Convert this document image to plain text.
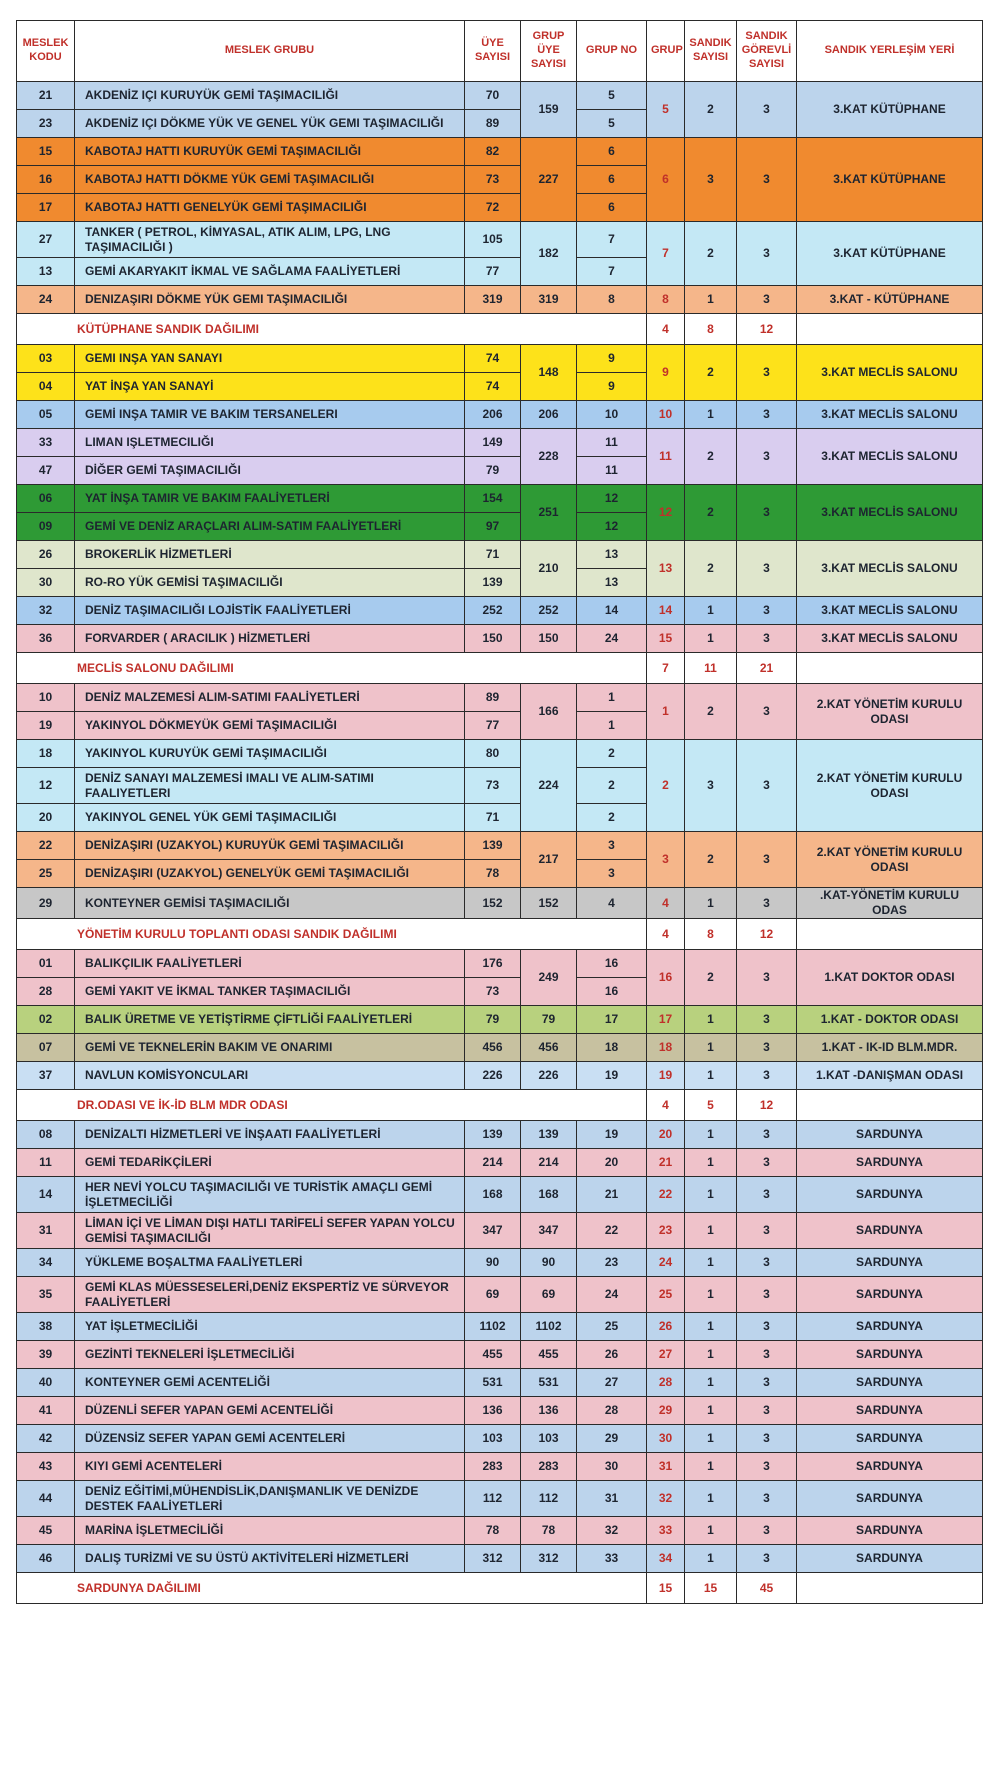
MESLEK KODU	MESLEK GRUBU	ÜYE SAYISI	GRUP ÜYE SAYISI	GRUP NO	GRUP	SANDIK SAYISI	SANDIK GÖREVLİ SAYISI	SANDIK YERLEŞİM YERİ
21	AKDENİZ IÇI KURUYÜK GEMİ TAŞIMACILIĞI	70	159	5	5	2	3	3.KAT KÜTÜPHANE
23	AKDENİZ IÇI DÖKME YÜK VE GENEL YÜK GEMI TAŞIMACILIĞI	89		5				
15	KABOTAJ HATTI KURUYÜK GEMİ TAŞIMACILIĞI	82	227	6	6	3	3	3.KAT KÜTÜPHANE
16	KABOTAJ HATTI DÖKME YÜK GEMİ TAŞIMACILIĞI	73		6				
17	KABOTAJ HATTI GENELYÜK GEMİ TAŞIMACILIĞI	72		6				
27	TANKER ( PETROL, KİMYASAL, ATIK ALIM, LPG, LNG TAŞIMACILIĞI )	105	182	7	7	2	3	3.KAT KÜTÜPHANE
13	GEMİ AKARYAKIT İKMAL VE SAĞLAMA FAALİYETLERİ	77		7				
24	DENIZAŞIRI DÖKME YÜK GEMI TAŞIMACILIĞI	319	319	8	8	1	3	3.KAT - KÜTÜPHANE
KÜTÜPHANE SANDIK DAĞILIMI					4	8	12	
03	GEMI INŞA YAN SANAYI	74	148	9	9	2	3	3.KAT MECLİS SALONU
04	YAT İNŞA YAN SANAYİ	74		9				
05	GEMİ INŞA TAMIR VE BAKIM TERSANELERI	206	206	10	10	1	3	3.KAT MECLİS SALONU
33	LIMAN IŞLETMECILIĞI	149	228	11	11	2	3	3.KAT MECLİS SALONU
47	DİĞER GEMİ TAŞIMACILIĞI	79		11				
06	YAT İNŞA TAMIR VE BAKIM FAALİYETLERİ	154	251	12	12	2	3	3.KAT MECLİS SALONU
09	GEMİ VE DENİZ ARAÇLARI ALIM-SATIM FAALİYETLERİ	97		12				
26	BROKERLİK HİZMETLERİ	71	210	13	13	2	3	3.KAT MECLİS SALONU
30	RO-RO YÜK GEMİSİ TAŞIMACILIĞI	139		13				
32	DENİZ TAŞIMACILIĞI LOJİSTİK FAALİYETLERİ	252	252	14	14	1	3	3.KAT MECLİS SALONU
36	FORVARDER ( ARACILIK ) HİZMETLERİ	150	150	24	15	1	3	3.KAT MECLİS SALONU
MECLİS SALONU DAĞILIMI					7	11	21	
10	DENİZ MALZEMESİ ALIM-SATIMI FAALİYETLERİ	89	166	1	1	2	3	2.KAT YÖNETİM KURULU ODASI
19	YAKINYOL DÖKMEYÜK GEMİ TAŞIMACILIĞI	77		1				
18	YAKINYOL KURUYÜK GEMİ TAŞIMACILIĞI	80	224	2	2	3	3	2.KAT YÖNETİM KURULU ODASI
12	DENİZ SANAYI MALZEMESİ IMALI VE ALIM-SATIMI FAALIYETLERI	73		2				
20	YAKINYOL GENEL YÜK GEMİ TAŞIMACILIĞI	71		2				
22	DENİZAŞIRI (UZAKYOL) KURUYÜK GEMİ TAŞIMACILIĞI	139	217	3	3	2	3	2.KAT YÖNETİM KURULU ODASI
25	DENİZAŞIRI (UZAKYOL) GENELYÜK GEMİ TAŞIMACILIĞI	78		3				
29	KONTEYNER GEMİSİ TAŞIMACILIĞI	152	152	4	4	1	3	.KAT-YÖNETİM KURULU ODAS
YÖNETİM KURULU TOPLANTI ODASI SANDIK DAĞILIMI					4	8	12	
01	BALIKÇILIK FAALİYETLERİ	176	249	16	16	2	3	1.KAT DOKTOR ODASI
28	GEMİ YAKIT VE İKMAL TANKER TAŞIMACILIĞI	73		16				
02	BALIK ÜRETME VE YETİŞTİRME ÇİFTLİĞİ FAALİYETLERİ	79	79	17	17	1	3	1.KAT - DOKTOR ODASI
07	GEMİ VE TEKNELERİN BAKIM VE ONARIMI	456	456	18	18	1	3	1.KAT - IK-ID BLM.MDR.
37	NAVLUN KOMİSYONCULARI	226	226	19	19	1	3	1.KAT -DANIŞMAN ODASI
DR.ODASI VE İK-İD BLM MDR ODASI					4	5	12	
08	DENİZALTI HİZMETLERİ VE İNŞAATI FAALİYETLERİ	139	139	19	20	1	3	SARDUNYA
11	GEMİ TEDARİKÇİLERİ	214	214	20	21	1	3	SARDUNYA
14	HER NEVİ YOLCU TAŞIMACILIĞI VE TURİSTİK AMAÇLI GEMİ İŞLETMECİLİĞİ	168	168	21	22	1	3	SARDUNYA
31	LİMAN İÇİ VE LİMAN DIŞI HATLI TARİFELİ SEFER YAPAN YOLCU GEMİSİ TAŞIMACILIĞI	347	347	22	23	1	3	SARDUNYA
34	YÜKLEME BOŞALTMA FAALİYETLERİ	90	90	23	24	1	3	SARDUNYA
35	GEMİ KLAS MÜESSESELERİ,DENİZ EKSPERTİZ VE SÜRVEYOR FAALİYETLERİ	69	69	24	25	1	3	SARDUNYA
38	YAT İŞLETMECİLİĞİ	1102	1102	25	26	1	3	SARDUNYA
39	GEZİNTİ TEKNELERİ İŞLETMECİLİĞİ	455	455	26	27	1	3	SARDUNYA
40	KONTEYNER GEMİ ACENTELİĞİ	531	531	27	28	1	3	SARDUNYA
41	DÜZENLİ SEFER YAPAN GEMİ ACENTELİĞİ	136	136	28	29	1	3	SARDUNYA
42	DÜZENSİZ SEFER YAPAN GEMİ ACENTELERİ	103	103	29	30	1	3	SARDUNYA
43	KIYI GEMİ ACENTELERİ	283	283	30	31	1	3	SARDUNYA
44	DENİZ EĞİTİMİ,MÜHENDİSLİK,DANIŞMANLIK VE DENİZDE DESTEK FAALİYETLERİ	112	112	31	32	1	3	SARDUNYA
45	MARİNA İŞLETMECİLİĞİ	78	78	32	33	1	3	SARDUNYA
46	DALIŞ TURİZMİ VE SU ÜSTÜ AKTİVİTELERİ HİZMETLERİ	312	312	33	34	1	3	SARDUNYA
SARDUNYA DAĞILIMI					15	15	45	
